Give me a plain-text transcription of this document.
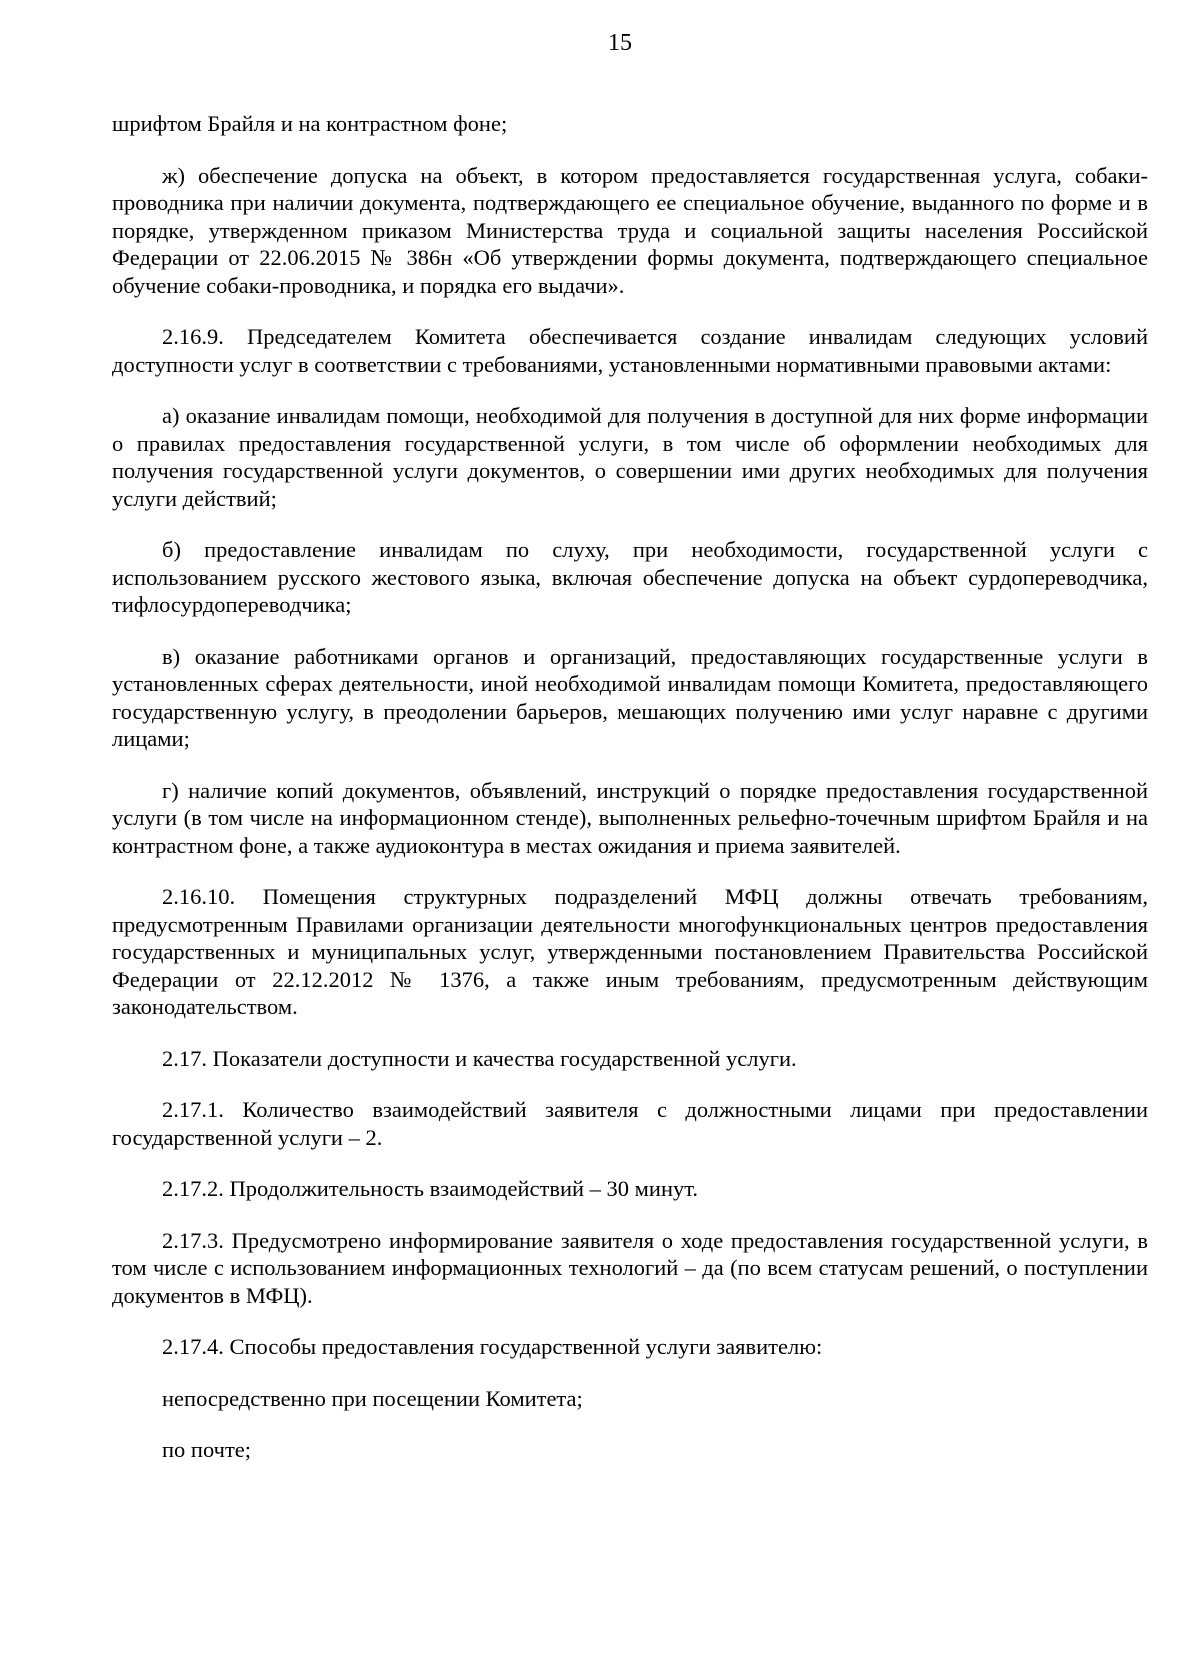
15

шрифтом Брайля и на контрастном фоне;

ж) обеспечение допуска на объект, в котором предоставляется государственная услуга, собаки-проводника при наличии документа, подтверждающего ее специальное обучение, выданного по форме и в порядке, утвержденном приказом Министерства труда и социальной защиты населения Российской Федерации от 22.06.2015 № 386н «Об утверждении формы документа, подтверждающего специальное обучение собаки-проводника, и порядка его выдачи».

2.16.9. Председателем Комитета обеспечивается создание инвалидам следующих условий доступности услуг в соответствии с требованиями, установленными нормативными правовыми актами:

а) оказание инвалидам помощи, необходимой для получения в доступной для них форме информации о правилах предоставления государственной услуги, в том числе об оформлении необходимых для получения государственной услуги документов, о совершении ими других необходимых для получения услуги действий;

б) предоставление инвалидам по слуху, при необходимости, государственной услуги с использованием русского жестового языка, включая обеспечение допуска на объект сурдопереводчика, тифлосурдопереводчика;

в) оказание работниками органов и организаций, предоставляющих государственные услуги в установленных сферах деятельности, иной необходимой инвалидам помощи Комитета, предоставляющего государственную услугу, в преодолении барьеров, мешающих получению ими услуг наравне с другими лицами;

г) наличие копий документов, объявлений, инструкций о порядке предоставления государственной услуги (в том числе на информационном стенде), выполненных рельефно-точечным шрифтом Брайля и на контрастном фоне, а также аудиоконтура в местах ожидания и приема заявителей.

2.16.10. Помещения структурных подразделений МФЦ должны отвечать требованиям, предусмотренным Правилами организации деятельности многофункциональных центров предоставления государственных и муниципальных услуг, утвержденными постановлением Правительства Российской Федерации от 22.12.2012 № 1376, а также иным требованиям, предусмотренным действующим законодательством.

2.17. Показатели доступности и качества государственной услуги.

2.17.1. Количество взаимодействий заявителя с должностными лицами при предоставлении государственной услуги – 2.

2.17.2. Продолжительность взаимодействий – 30 минут.

2.17.3. Предусмотрено информирование заявителя о ходе предоставления государственной услуги, в том числе с использованием информационных технологий – да (по всем статусам решений, о поступлении документов в МФЦ).

2.17.4. Способы предоставления государственной услуги заявителю:

непосредственно при посещении Комитета;

по почте;
